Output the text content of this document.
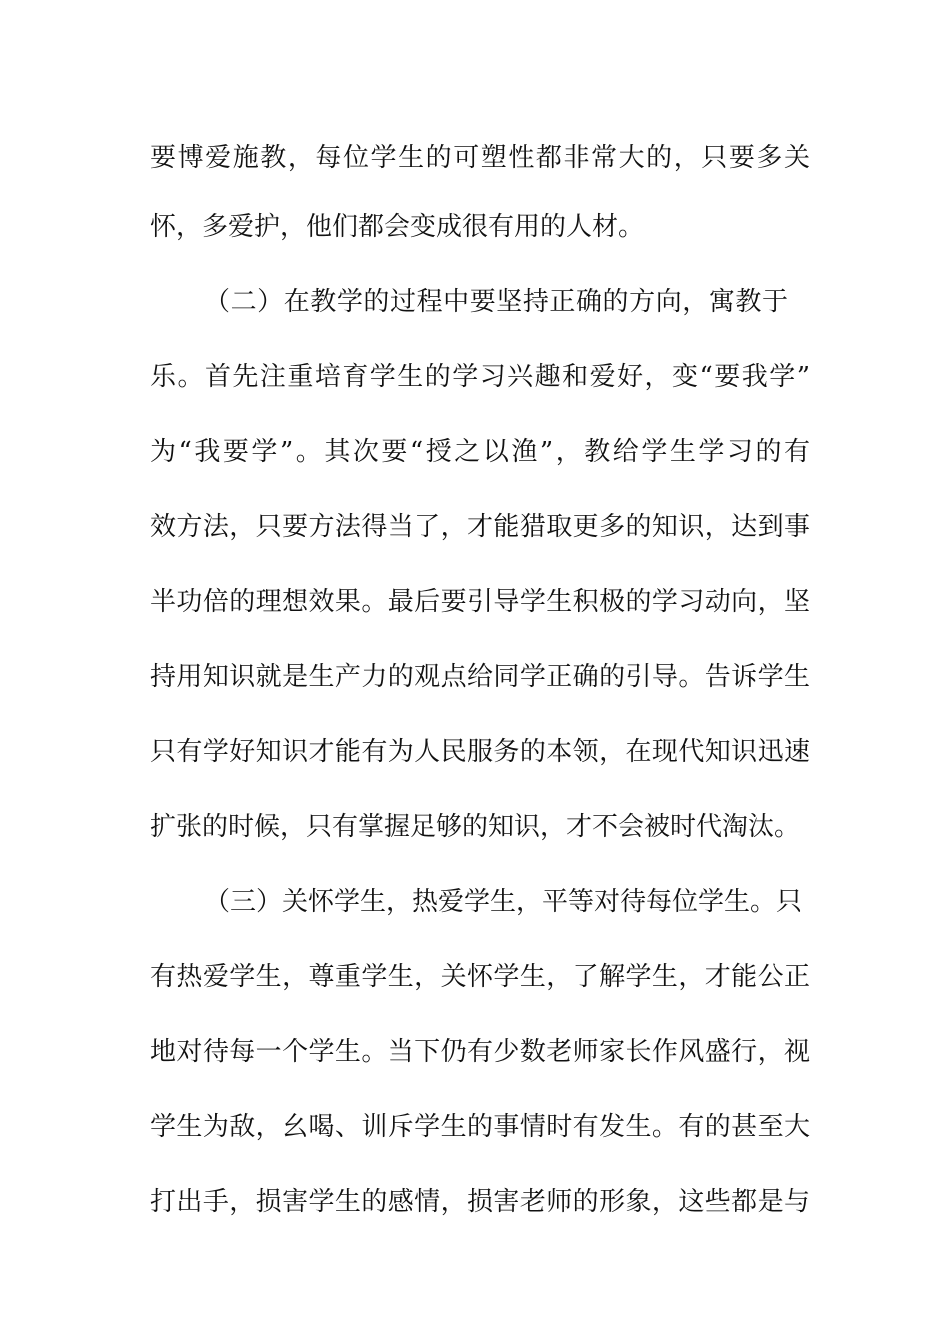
要博爱施教，每位学生的可塑性都非常大的，只要多关
怀，多爱护，他们都会变成很有用的人材。
（二）在教学的过程中要坚持正确的方向，寓教于
乐。首先注重培育学生的学习兴趣和爱好，变“要我学”
为“我要学”。其次要“授之以渔”，教给学生学习的有
效方法，只要方法得当了，才能猎取更多的知识，达到事
半功倍的理想效果。最后要引导学生积极的学习动向，坚
持用知识就是生产力的观点给同学正确的引导。告诉学生
只有学好知识才能有为人民服务的本领，在现代知识迅速
扩张的时候，只有掌握足够的知识，才不会被时代淘汰。
（三）关怀学生，热爱学生，平等对待每位学生。只
有热爱学生，尊重学生，关怀学生，了解学生，才能公正
地对待每一个学生。当下仍有少数老师家长作风盛行，视
学生为敌，幺喝、训斥学生的事情时有发生。有的甚至大
打出手，损害学生的感情，损害老师的形象，这些都是与
